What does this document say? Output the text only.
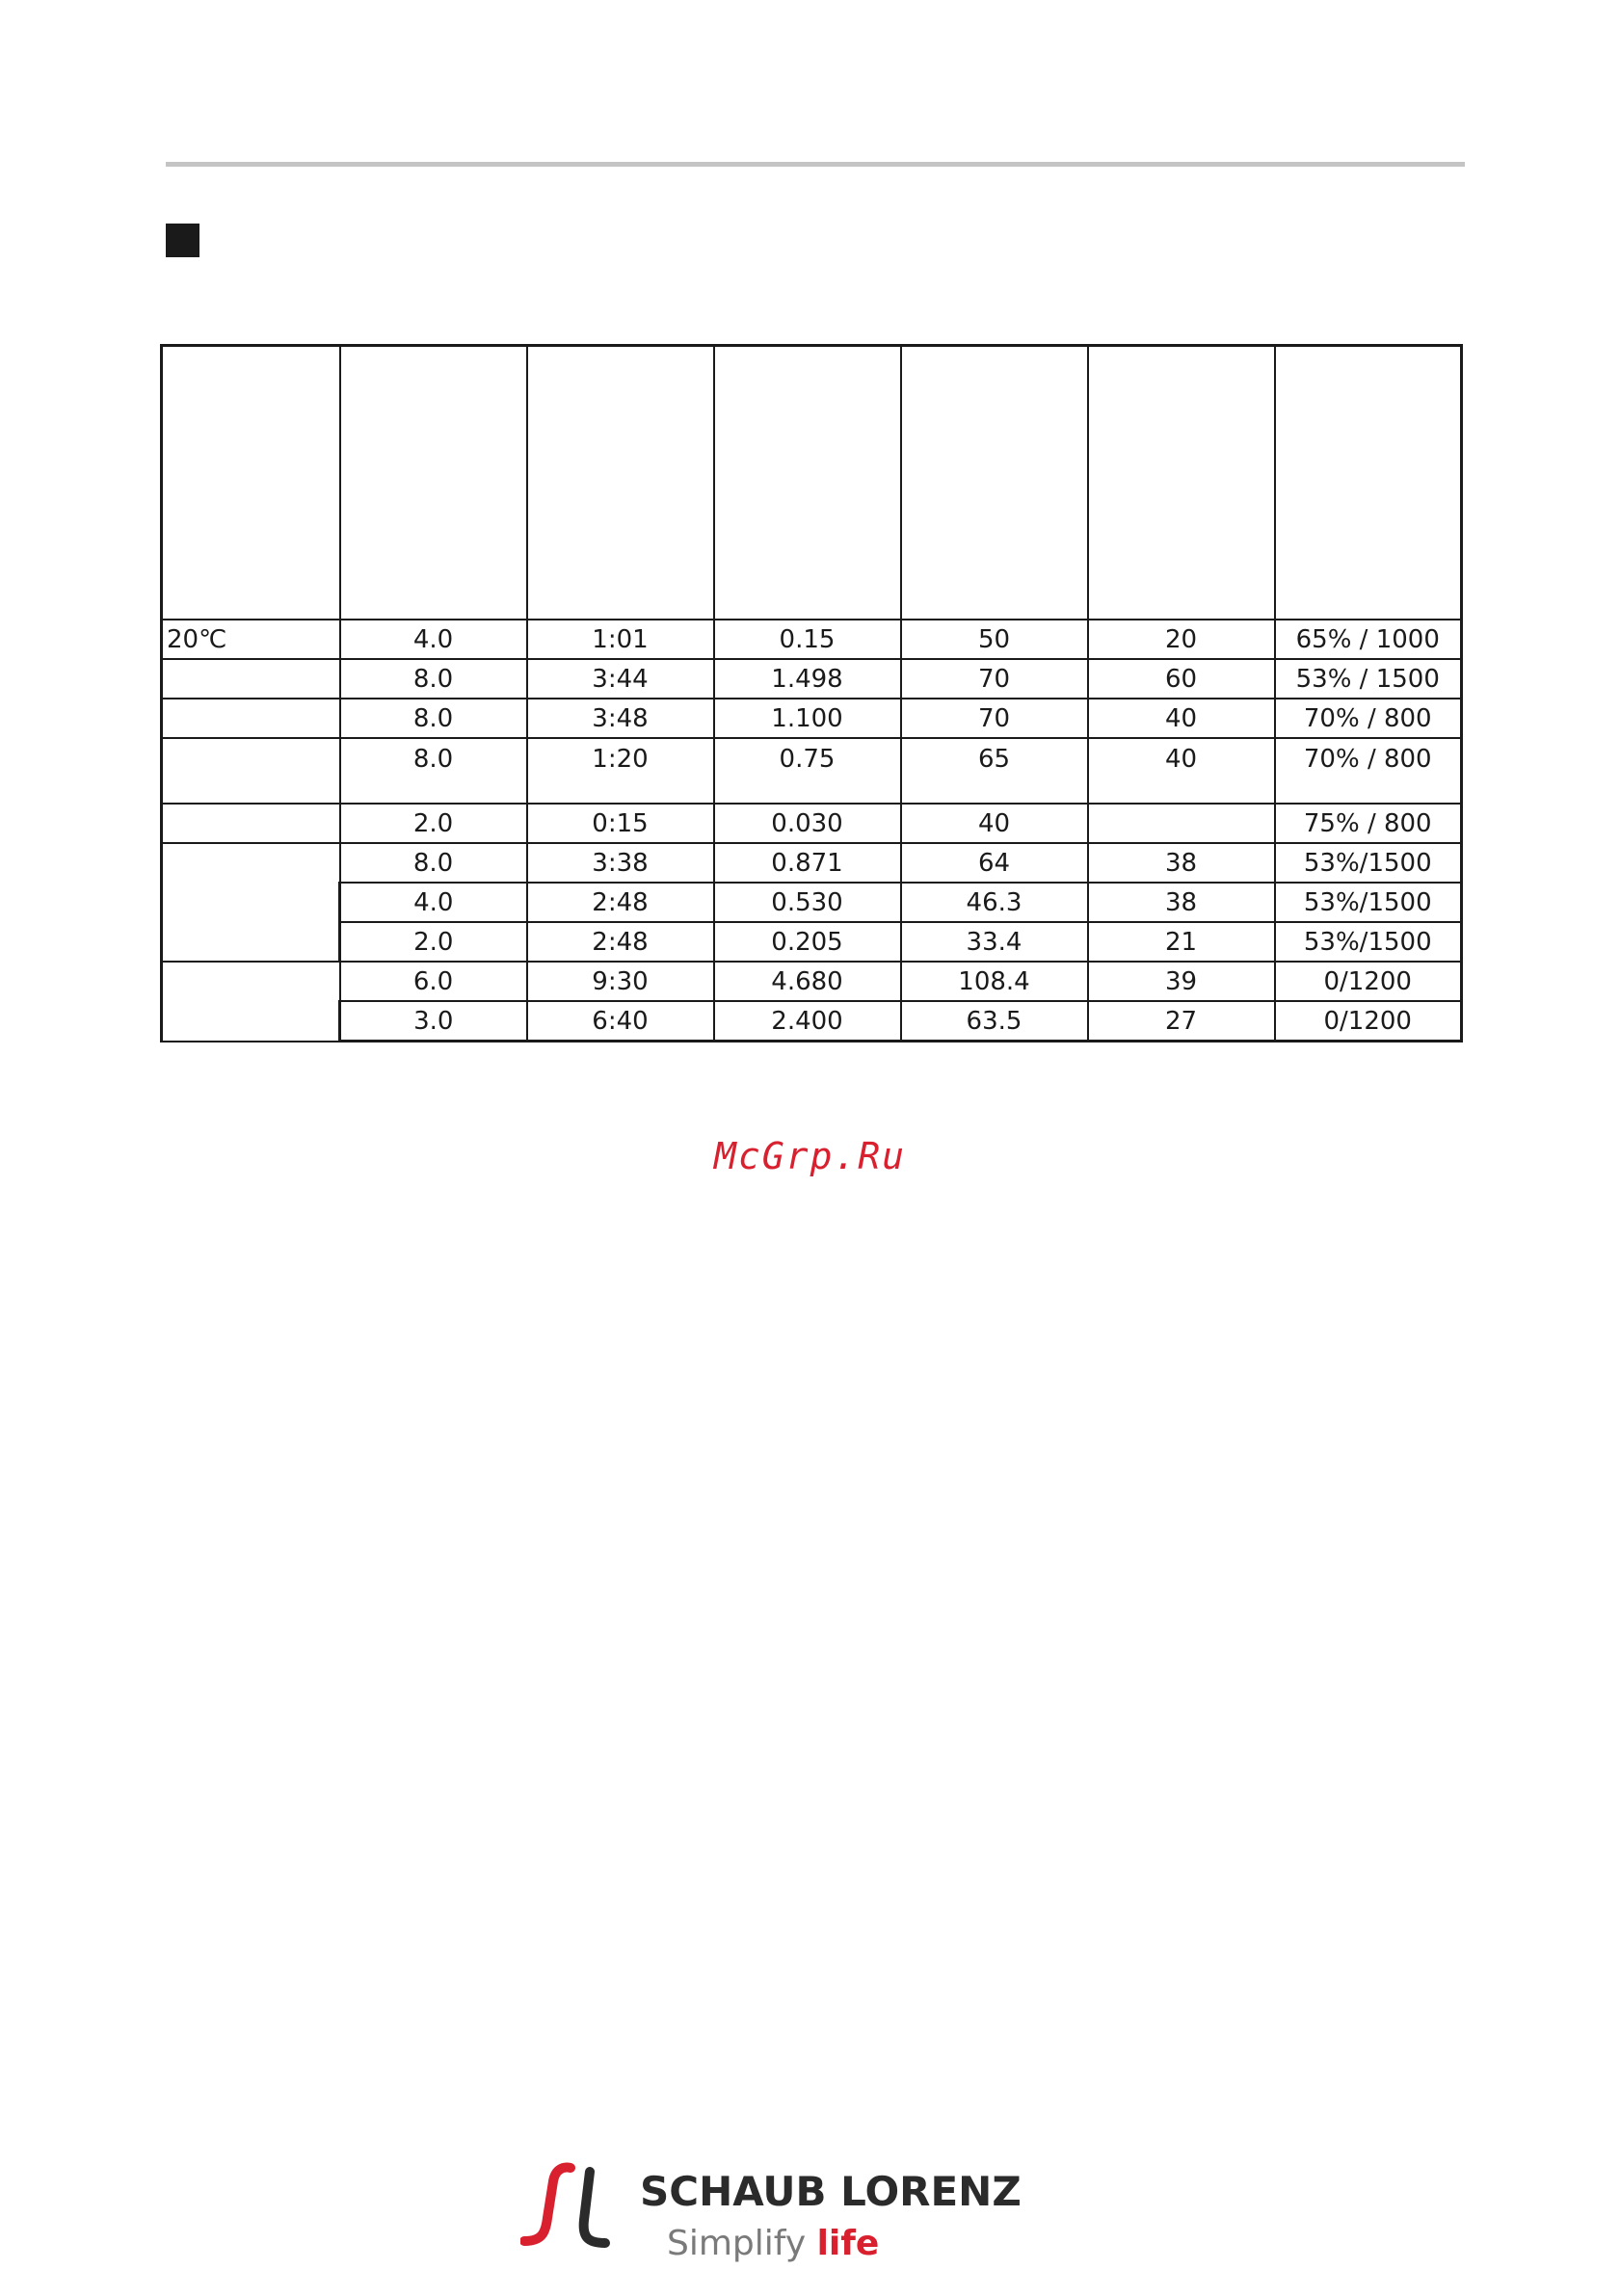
20℃	4.0	1:01	0.15	50	20	65% / 1000
	8.0	3:44	1.498	70	60	53% / 1500
	8.0	3:48	1.100	70	40	70% / 800
	8.0	1:20	0.75	65	40	70% / 800
	2.0	0:15	0.030	40		75% / 800
	8.0	3:38	0.871	64	38	53%/1500
	4.0	2:48	0.530	46.3	38	53%/1500
	2.0	2:48	0.205	33.4	21	53%/1500
	6.0	9:30	4.680	108.4	39	0/1200
	3.0	6:40	2.400	63.5	27	0/1200
McGrp.Ru
SCHAUB LORENZ
Simplify life
